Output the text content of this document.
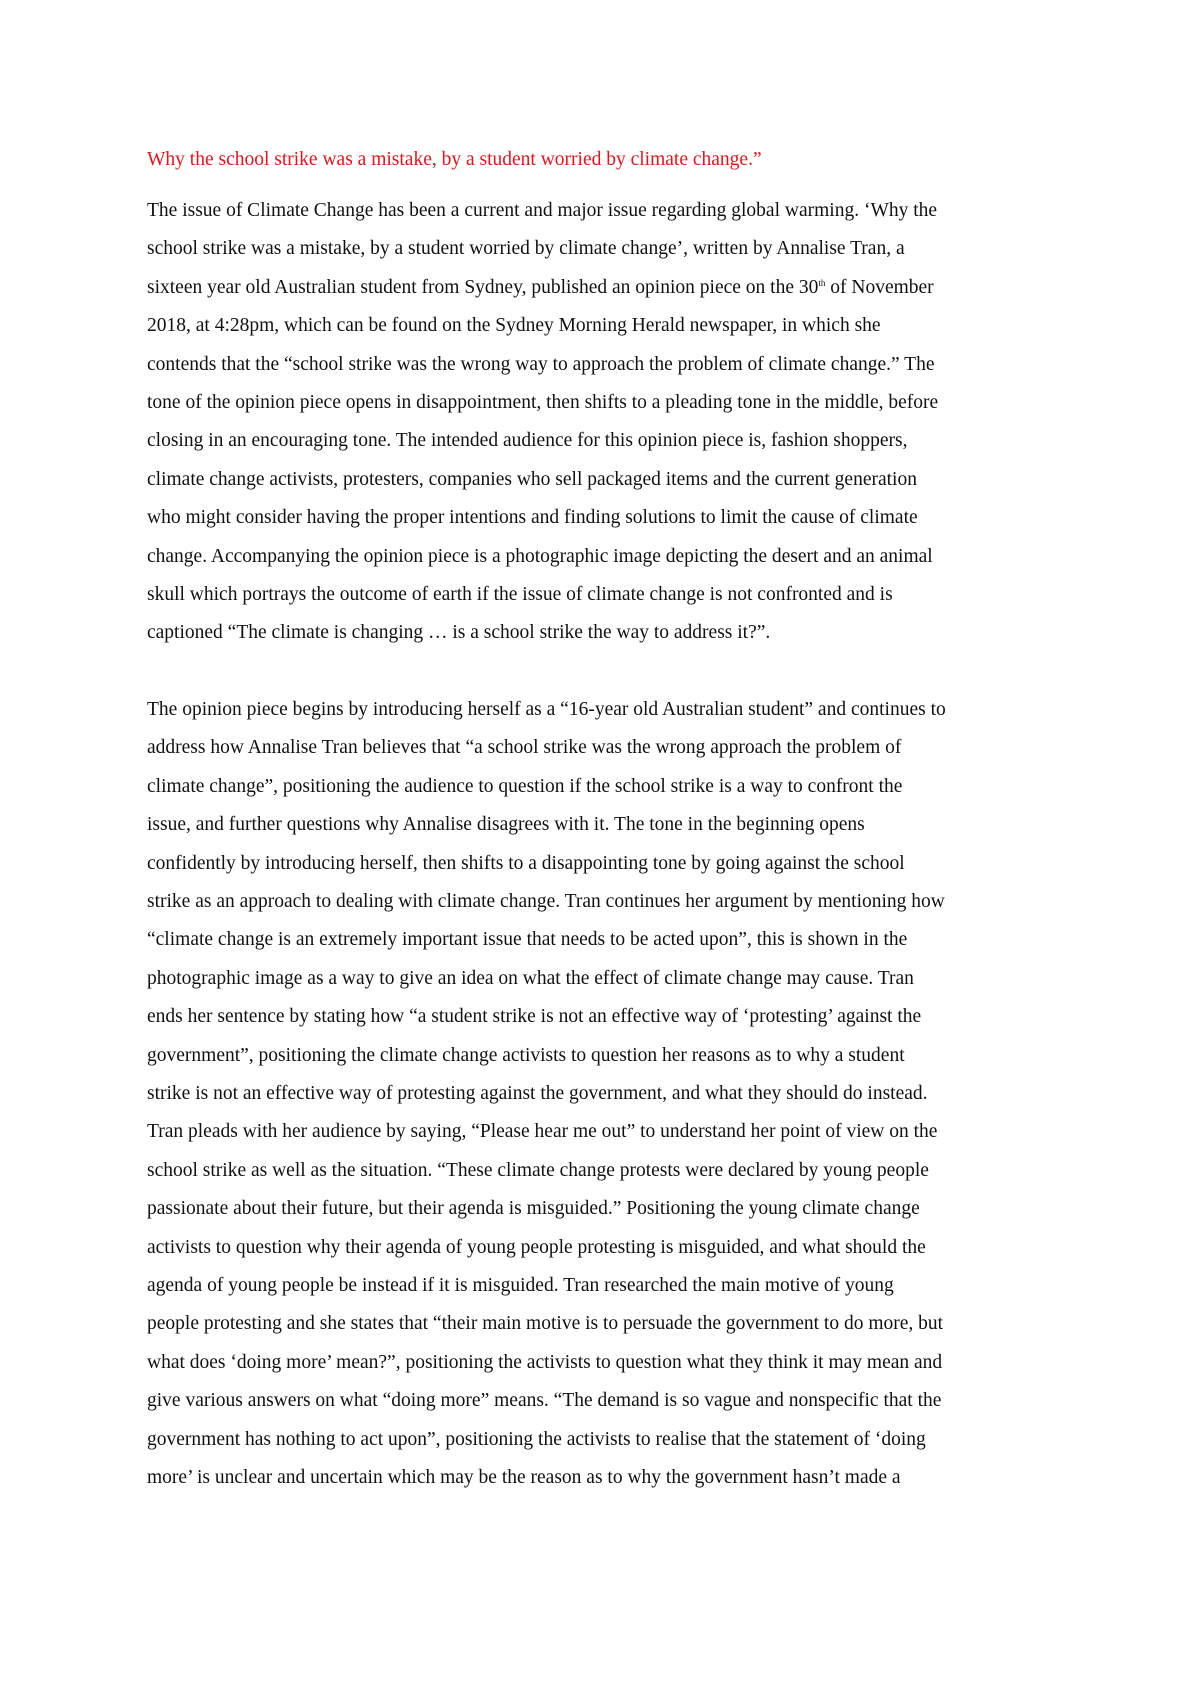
Why the school strike was a mistake, by a student worried by climate change.”

The issue of Climate Change has been a current and major issue regarding global warming. ‘Why the
school strike was a mistake, by a student worried by climate change’, written by Annalise Tran, a
sixteen year old Australian student from Sydney, published an opinion piece on the 30th of November
2018, at 4:28pm, which can be found on the Sydney Morning Herald newspaper, in which she
contends that the “school strike was the wrong way to approach the problem of climate change.” The
tone of the opinion piece opens in disappointment, then shifts to a pleading tone in the middle, before
closing in an encouraging tone. The intended audience for this opinion piece is, fashion shoppers,
climate change activists, protesters, companies who sell packaged items and the current generation
who might consider having the proper intentions and finding solutions to limit the cause of climate
change. Accompanying the opinion piece is a photographic image depicting the desert and an animal
skull which portrays the outcome of earth if the issue of climate change is not confronted and is
captioned “The climate is changing … is a school strike the way to address it?”.

The opinion piece begins by introducing herself as a “16-year old Australian student” and continues to
address how Annalise Tran believes that “a school strike was the wrong approach the problem of
climate change”, positioning the audience to question if the school strike is a way to confront the
issue, and further questions why Annalise disagrees with it. The tone in the beginning opens
confidently by introducing herself, then shifts to a disappointing tone by going against the school
strike as an approach to dealing with climate change. Tran continues her argument by mentioning how
“climate change is an extremely important issue that needs to be acted upon”, this is shown in the
photographic image as a way to give an idea on what the effect of climate change may cause. Tran
ends her sentence by stating how “a student strike is not an effective way of ‘protesting’ against the
government”, positioning the climate change activists to question her reasons as to why a student
strike is not an effective way of protesting against the government, and what they should do instead.
Tran pleads with her audience by saying, “Please hear me out” to understand her point of view on the
school strike as well as the situation. “These climate change protests were declared by young people
passionate about their future, but their agenda is misguided.” Positioning the young climate change
activists to question why their agenda of young people protesting is misguided, and what should the
agenda of young people be instead if it is misguided. Tran researched the main motive of young
people protesting and she states that “their main motive is to persuade the government to do more, but
what does ‘doing more’ mean?”, positioning the activists to question what they think it may mean and
give various answers on what “doing more” means. “The demand is so vague and nonspecific that the
government has nothing to act upon”, positioning the activists to realise that the statement of ‘doing
more’ is unclear and uncertain which may be the reason as to why the government hasn’t made a
